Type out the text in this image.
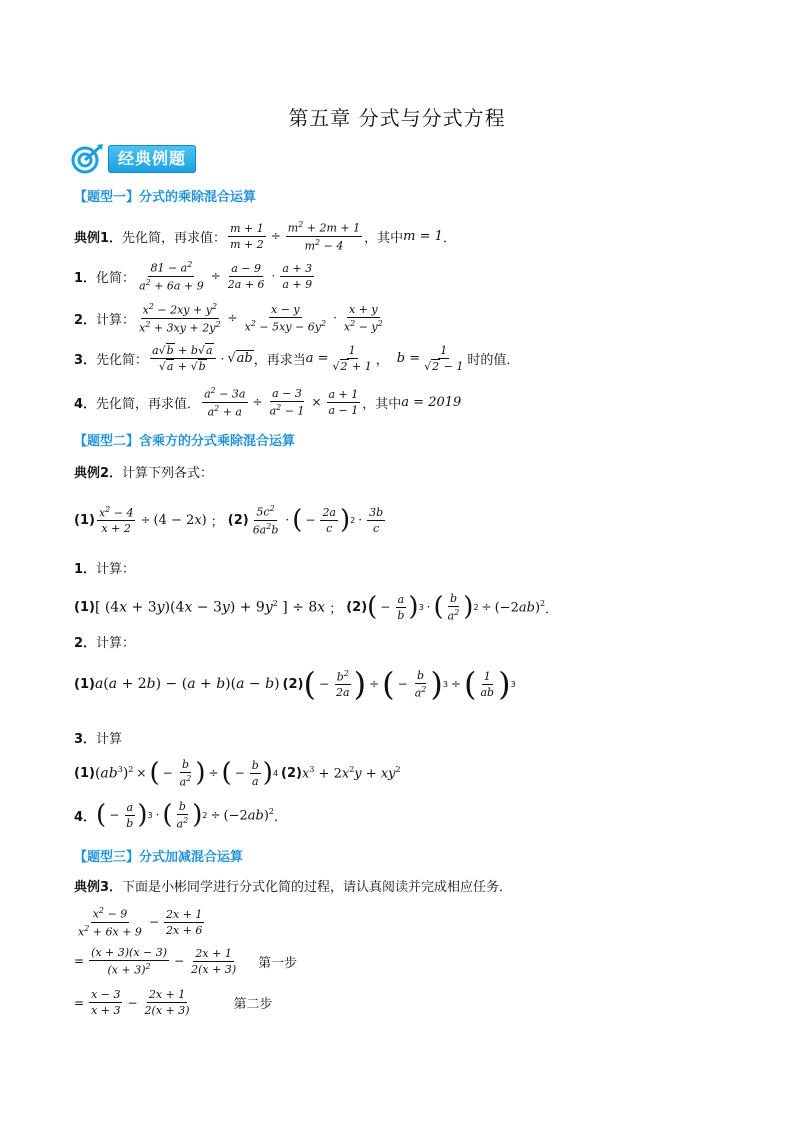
第五章 分式与分式方程
经典例题
【题型一】分式的乘除混合运算
典例1． 先化简，再求值： $\frac{m + 1}{m + 2} \div \frac{m^2 + 2m + 1}{m^2 - 4}$ ，其中 m = 1 ．
1． 化简： $\frac{81 - a^2}{a^2 + 6a + 9} \div \frac{a - 9}{2a + 6} \cdot \frac{a + 3}{a + 9}$
2． 计算： $\frac{x^2 - 2xy + y^2}{x^2 + 3xy + 2y^2} \div \frac{x - y}{x^2 - 5xy - 6y^2} \cdot \frac{x + y}{x^2 - y^2}$
3． 先化简： $\frac{a√b + b√a}{√a + √b} \cdot √ab$ ，再求当 $a = \frac{1}{√2 + 1}$ ， $b = \frac{1}{√2 - 1}$ 时的值．
4． 先化简，再求值． $\frac{a^2 - 3a}{a^2 + a} \div \frac{a - 3}{a^2 - 1} \times \frac{a + 1}{a - 1}$ ，其中 a = 2019
【题型二】含乘方的分式乘除混合运算
典例2． 计算下列各式：
$(1) \frac{x^2 - 4}{x + 2} \div (4 - 2x)$ ； $(2) \frac{5c^2}{6a^2b}$ · ( − $\frac{2a}{c}$ ) $2 \cdot \frac{3b}{c}$
1． 计算：
(1) [ $(4x + 3y)(4x - 3y) + 9y^2$ ] ÷ 8x ； (2) ( − $\frac{a}{b}$ ) 3 · ( $\frac{b}{a^2}$ ) $2 \div (-2ab)^2$ ．
2． 计算：
(1) a(a + 2b) − (a + b)(a − b) (2) ( − $\frac{b^2}{2a}$ ) ÷ ( − $\frac{b}{a^2}$ ) 3 ÷ ( $\frac{1}{ab}$ ) 3
3． 计算
(1) $(ab^3)^2$ × ( − $\frac{b}{a^2}$ ) ÷ ( − $\frac{b}{a}$ ) 4 (2) $x^3 + 2x^2y + xy^2$
4． ( − $\frac{a}{b}$ ) 3 · ( $\frac{b}{a^2}$ ) $2 \div (-2ab)^2$ ．
【题型三】分式加减混合运算
典例3． 下面是小彬同学进行分式化简的过程，请认真阅读并完成相应任务．
$\frac{x^2 - 9}{x^2 + 6x + 9} - \frac{2x + 1}{2x + 6}$
= $\frac{(x + 3)(x - 3)}{(x + 3)^2} - \frac{2x + 1}{2(x + 3)}$ 第一步
= $\frac{x - 3}{x + 3} - \frac{2x + 1}{2(x + 3)}$	第二步
